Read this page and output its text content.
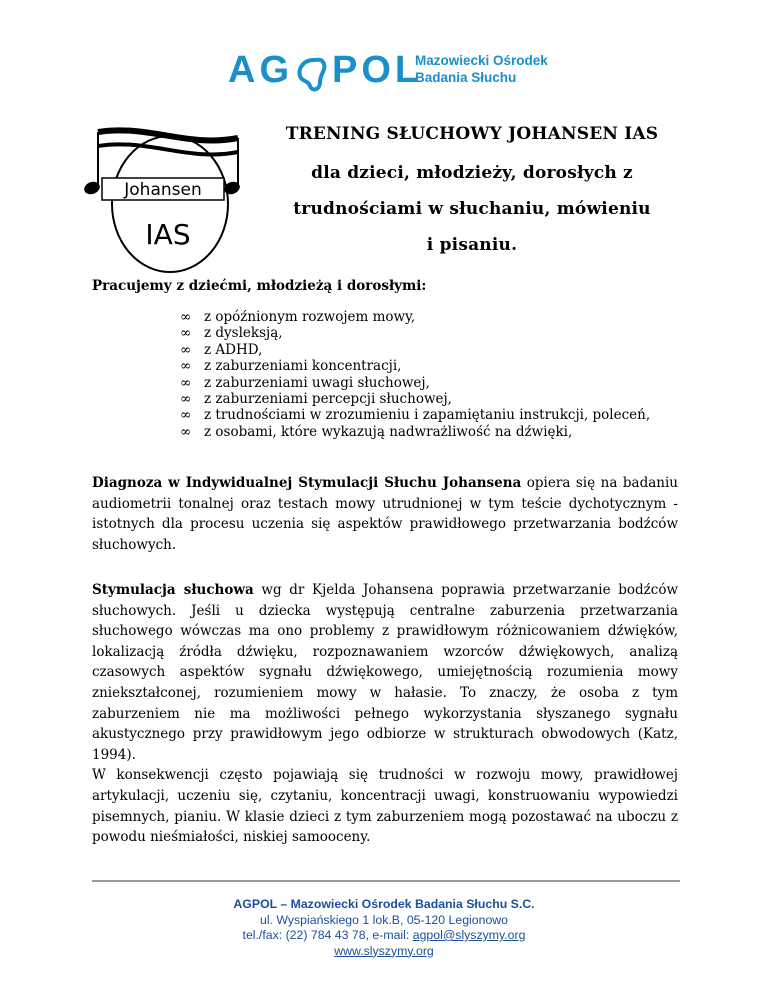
AG POL
Mazowiecki Ośrodek
Badania Słuchu
Johansen
IAS
TRENING SŁUCHOWY JOHANSEN IAS
dla dzieci, młodzieży, dorosłych z
trudnościami w słuchaniu, mówieniu
i pisaniu.
Pracujemy z dziećmi, młodzieżą i dorosłymi:
∞ z opóźnionym rozwojem mowy,
∞ z dysleksją,
∞ z ADHD,
∞ z zaburzeniami koncentracji,
∞ z zaburzeniami uwagi słuchowej,
∞ z zaburzeniami percepcji słuchowej,
∞ z trudnościami w zrozumieniu i zapamiętaniu instrukcji, poleceń,
∞ z osobami, które wykazują nadwrażliwość na dźwięki,
Diagnoza w Indywidualnej Stymulacji Słuchu Johansena opiera się na badaniu audiometrii tonalnej oraz testach mowy utrudnionej w tym teście dychotycznym - istotnych dla procesu uczenia się aspektów prawidłowego przetwarzania bodźców słuchowych.
Stymulacja słuchowa wg dr Kjelda Johansena poprawia przetwarzanie bodźców słuchowych. Jeśli u dziecka występują centralne zaburzenia przetwarzania słuchowego wówczas ma ono problemy z prawidłowym różnicowaniem dźwięków, lokalizacją źródła dźwięku, rozpoznawaniem wzorców dźwiękowych, analizą czasowych aspektów sygnału dźwiękowego, umiejętnością rozumienia mowy zniekształconej, rozumieniem mowy w hałasie. To znaczy, że osoba z tym zaburzeniem nie ma możliwości pełnego wykorzystania słyszanego sygnału akustycznego przy prawidłowym jego odbiorze w strukturach obwodowych (Katz, 1994).
W konsekwencji często pojawiają się trudności w rozwoju mowy, prawidłowej artykulacji, uczeniu się, czytaniu, koncentracji uwagi, konstruowaniu wypowiedzi pisemnych, pianiu. W klasie dzieci z tym zaburzeniem mogą pozostawać na uboczu z powodu nieśmiałości, niskiej samooceny.
AGPOL – Mazowiecki Ośrodek Badania Słuchu S.C.
ul. Wyspiańskiego 1 lok.B, 05-120 Legionowo
tel./fax: (22) 784 43 78, e-mail: agpol@slyszymy.org
www.slyszymy.org
